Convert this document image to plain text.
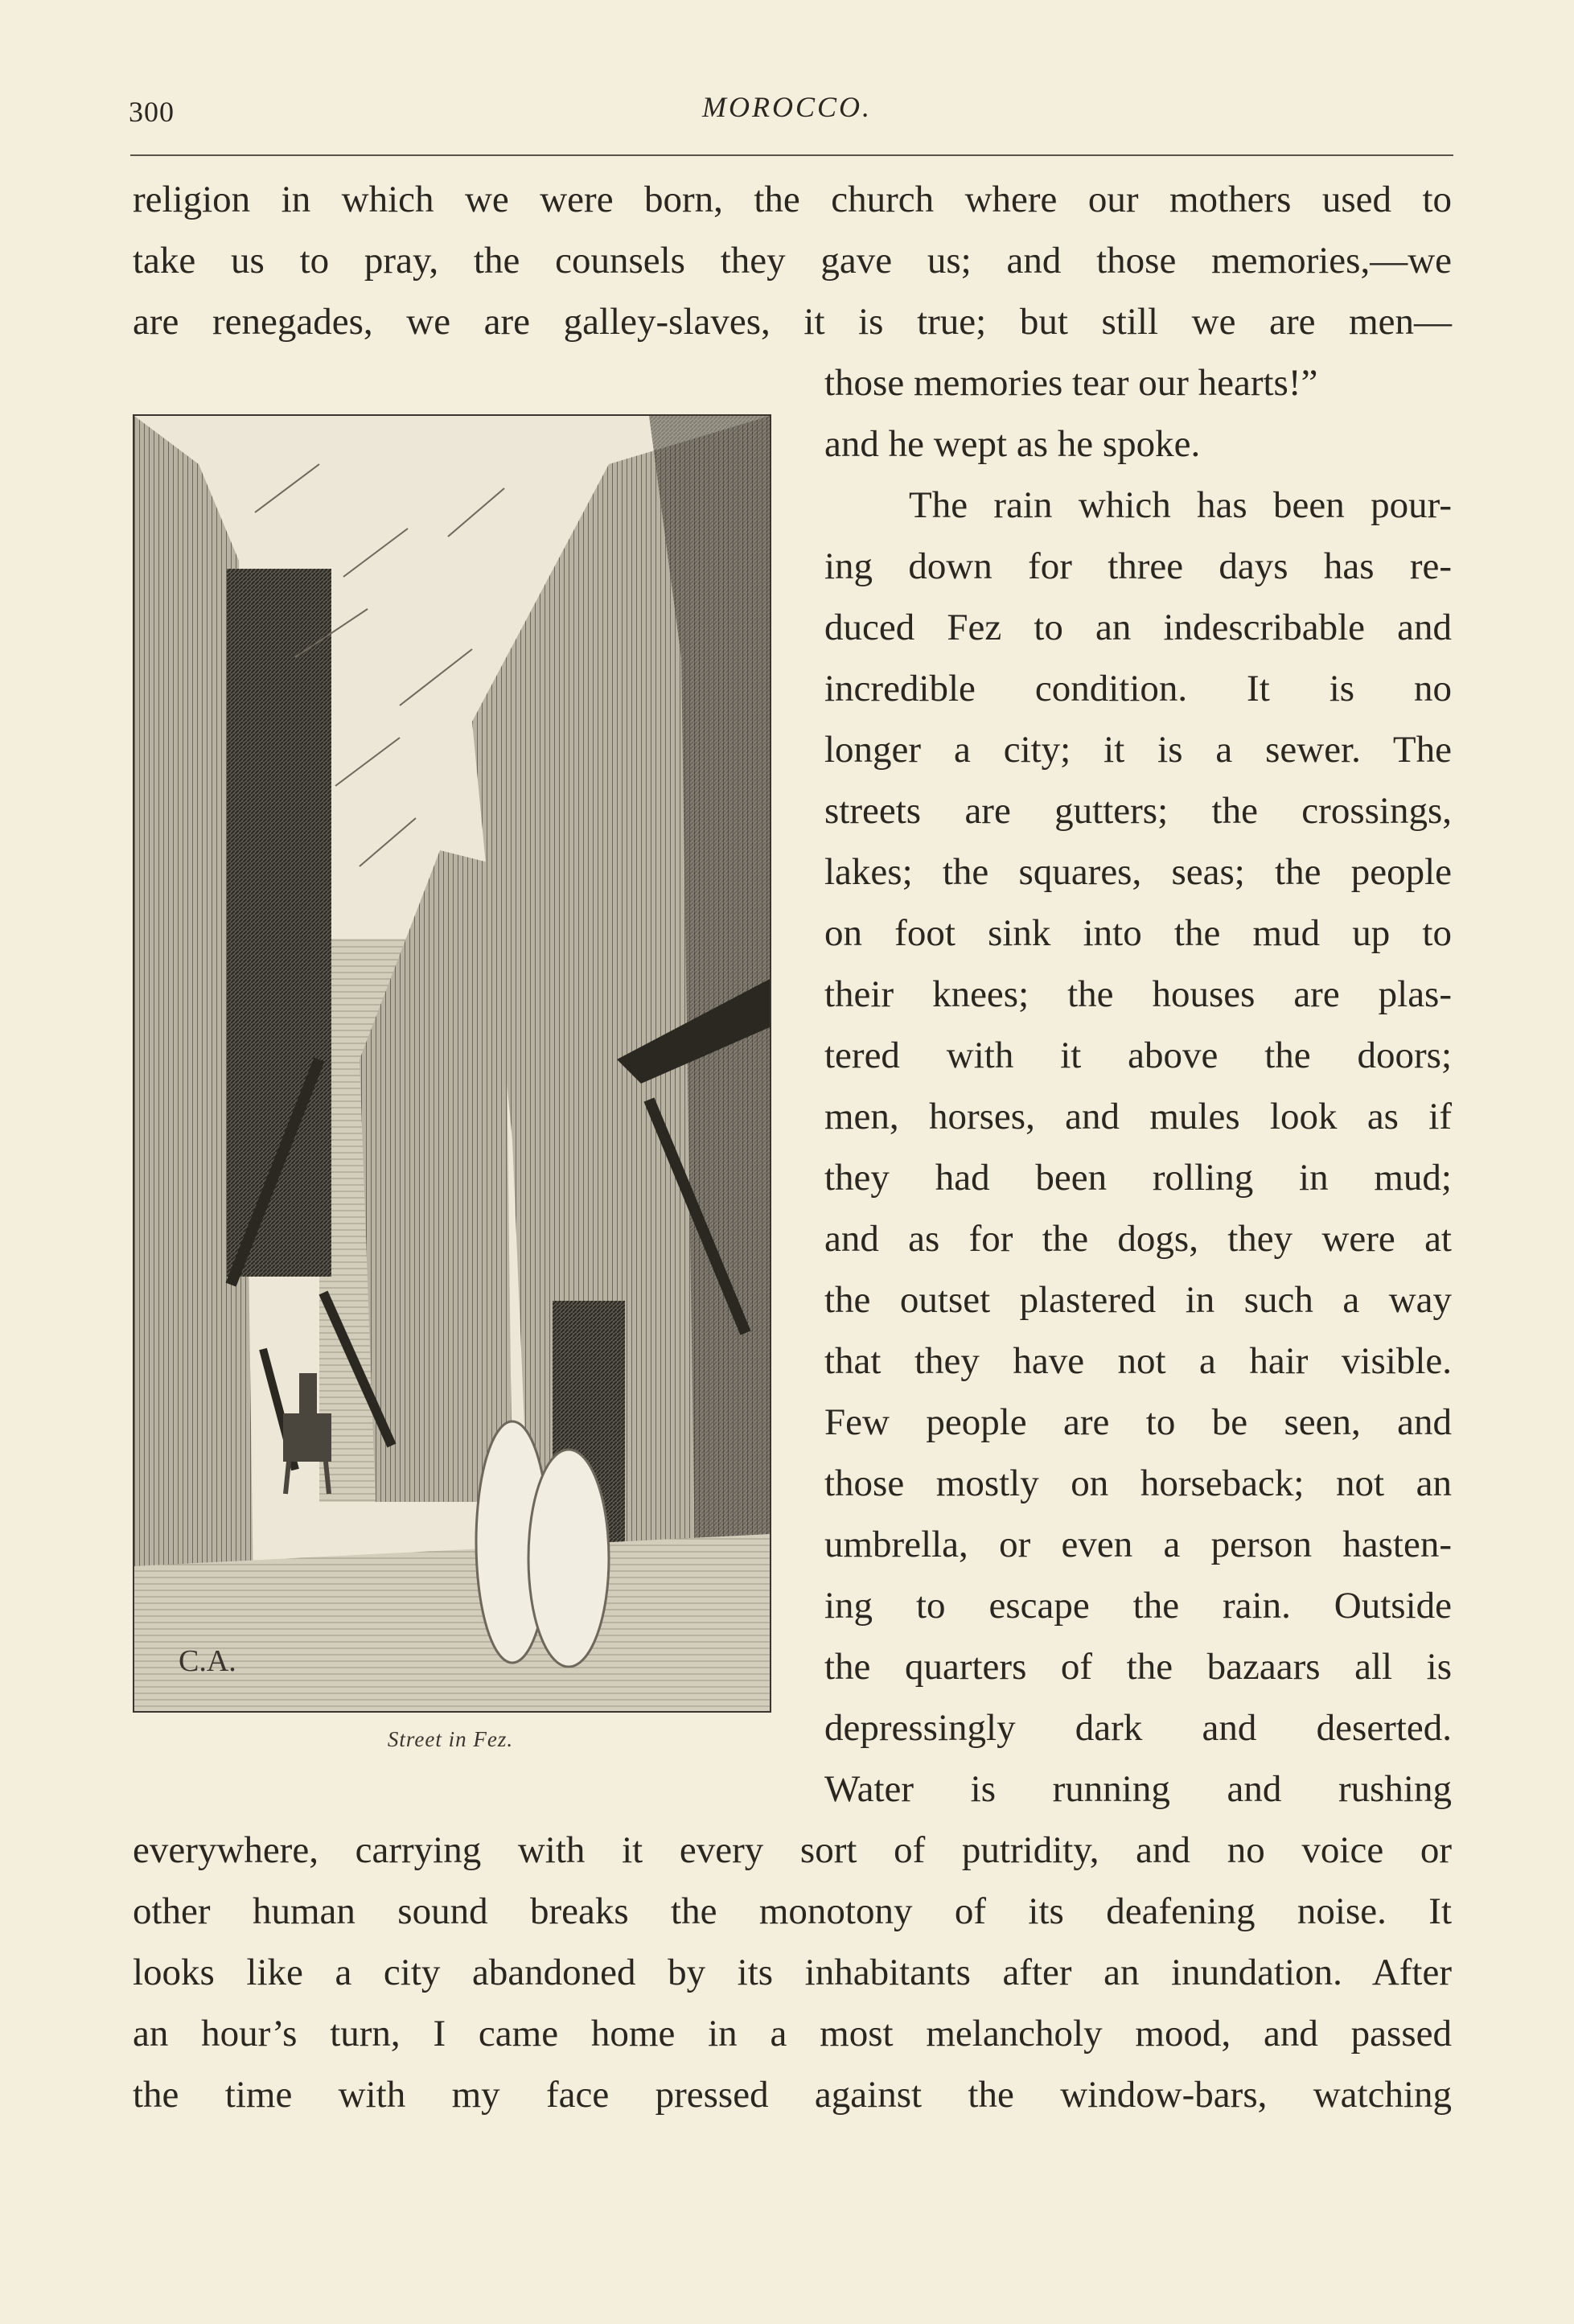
300	MOROCCO.
religion in which we were born, the church where our mothers used to
take us to pray, the counsels they gave us; and those memories,—we
are renegades, we are galley-slaves, it is true; but still we are men—
those memories tear our hearts!”
and he wept as he spoke.
The rain which has been pour-
ing down for three days has re-
duced Fez to an indescribable and
incredible condition. It is no
longer a city; it is a sewer. The
streets are gutters; the crossings,
lakes; the squares, seas; the people
on foot sink into the mud up to
their knees; the houses are plas-
tered with it above the doors;
men, horses, and mules look as if
they had been rolling in mud;
and as for the dogs, they were at
the outset plastered in such a way
that they have not a hair visible.
Few people are to be seen, and
those mostly on horseback; not an
umbrella, or even a person hasten-
ing to escape the rain. Outside
the quarters of the bazaars all is
depressingly dark and deserted.
Water is running and rushing
everywhere, carrying with it every sort of putridity, and no voice or
other human sound breaks the monotony of its deafening noise. It
looks like a city abandoned by its inhabitants after an inundation. After
an hour’s turn, I came home in a most melancholy mood, and passed
the time with my face pressed against the window-bars, watching
C.A.
Street in Fez.
